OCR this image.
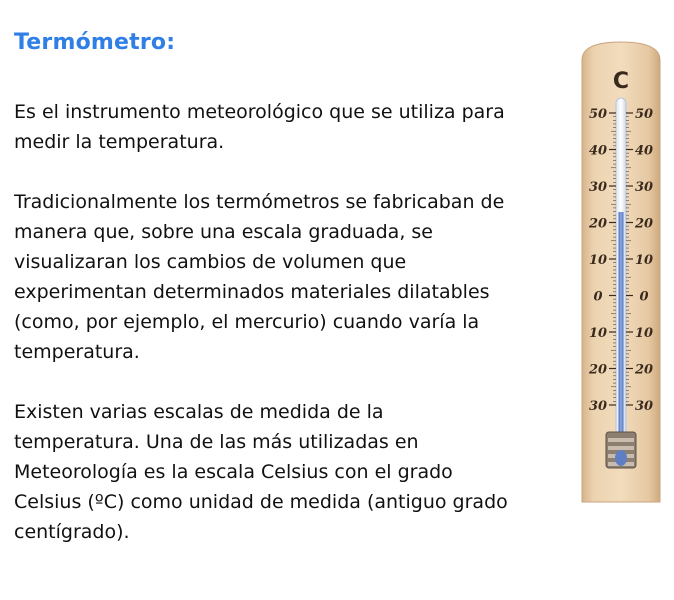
Termómetro:

Es el instrumento meteorológico que se utiliza para medir la temperatura.

Tradicionalmente los termómetros se fabricaban de manera que, sobre una escala graduada, se visualizaran los cambios de volumen que experimentan determinados materiales dilatables (como, por ejemplo, el mercurio) cuando varía la temperatura.

Existen varias escalas de medida de la temperatura. Una de las más utilizadas en Meteorología es la escala Celsius con el grado Celsius (ºC) como unidad de medida (antiguo grado centígrado).

C
50
40
30
20
10
0
10
20
30
50
40
30
20
10
0
10
20
30
